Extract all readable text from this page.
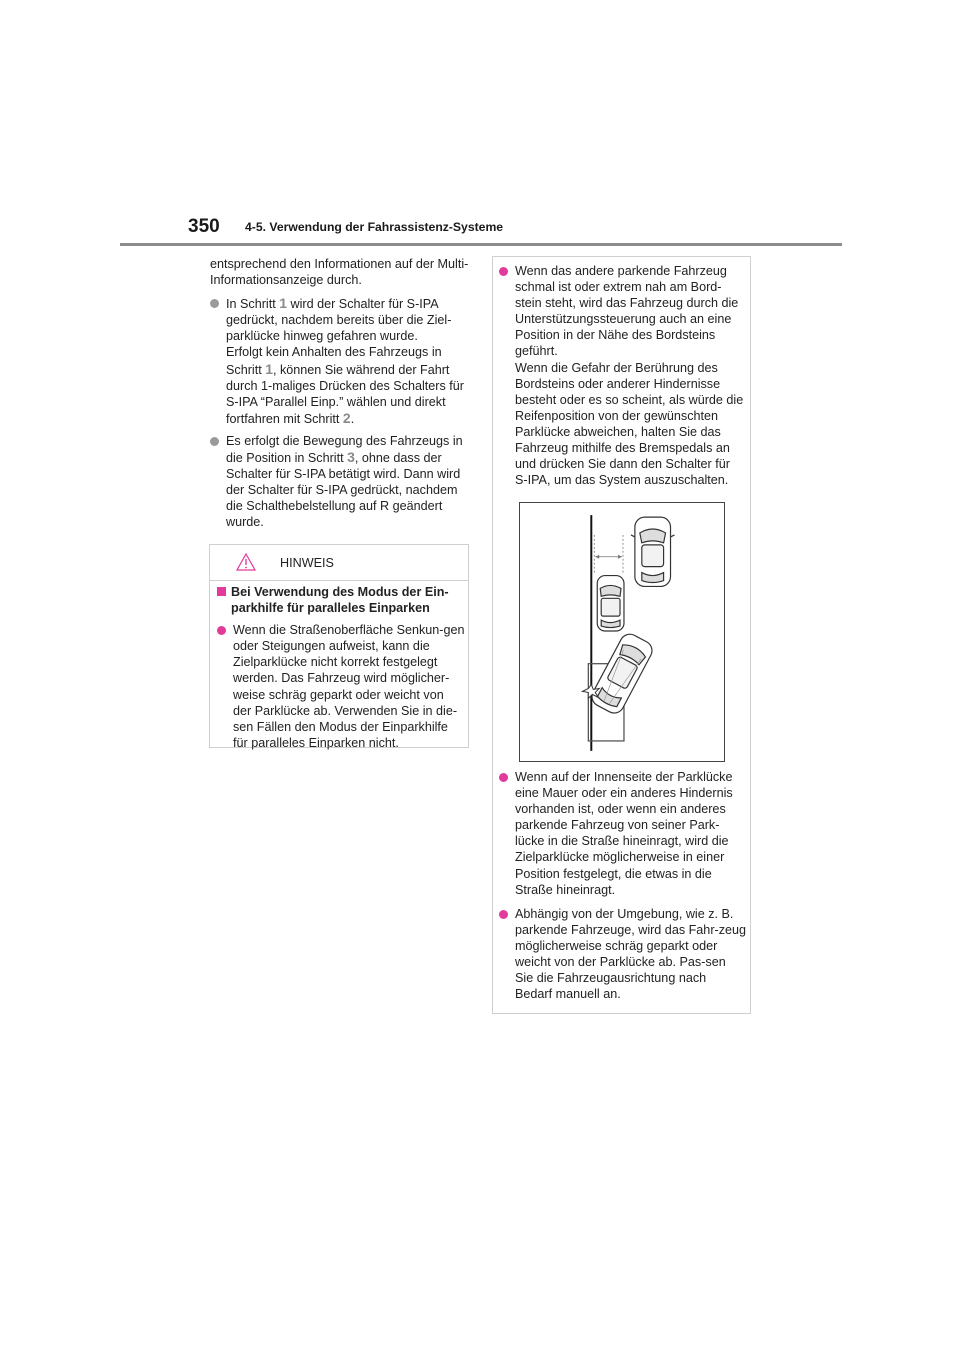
350 4-5. Verwendung der Fahrassistenz-Systeme
entsprechend den Informationen auf der Multi-Informationsanzeige durch.
In Schritt 1 wird der Schalter für S-IPA gedrückt, nachdem bereits über die Ziel-parklücke hinweg gefahren wurde.
Erfolgt kein Anhalten des Fahrzeugs in Schritt 1, können Sie während der Fahrt durch 1-maliges Drücken des Schalters für S-IPA “Parallel Einp.” wählen und direkt fortfahren mit Schritt 2.
Es erfolgt die Bewegung des Fahrzeugs in die Position in Schritt 3, ohne dass der Schalter für S-IPA betätigt wird. Dann wird der Schalter für S-IPA gedrückt, nachdem die Schalthebelstellung auf R geändert wurde.
HINWEIS
Bei Verwendung des Modus der Ein-parkhilfe für paralleles Einparken
Wenn die Straßenoberfläche Senkun-gen oder Steigungen aufweist, kann die Zielparklücke nicht korrekt festgelegt werden. Das Fahrzeug wird möglicher-weise schräg geparkt oder weicht von der Parklücke ab. Verwenden Sie in die-sen Fällen den Modus der Einparkhilfe für paralleles Einparken nicht.
Wenn das andere parkende Fahrzeug schmal ist oder extrem nah am Bord-stein steht, wird das Fahrzeug durch die Unterstützungssteuerung auch an eine Position in der Nähe des Bordsteins geführt.
Wenn die Gefahr der Berührung des Bordsteins oder anderer Hindernisse besteht oder es so scheint, als würde die Reifenposition von der gewünschten Parklücke abweichen, halten Sie das Fahrzeug mithilfe des Bremspedals an und drücken Sie dann den Schalter für S-IPA, um das System auszuschalten.
Wenn auf der Innenseite der Parklücke eine Mauer oder ein anderes Hindernis vorhanden ist, oder wenn ein anderes parkende Fahrzeug von seiner Park-lücke in die Straße hineinragt, wird die Zielparklücke möglicherweise in einer Position festgelegt, die etwas in die Straße hineinragt.
Abhängig von der Umgebung, wie z. B. parkende Fahrzeuge, wird das Fahr-zeug möglicherweise schräg geparkt oder weicht von der Parklücke ab. Pas-sen Sie die Fahrzeugausrichtung nach Bedarf manuell an.
